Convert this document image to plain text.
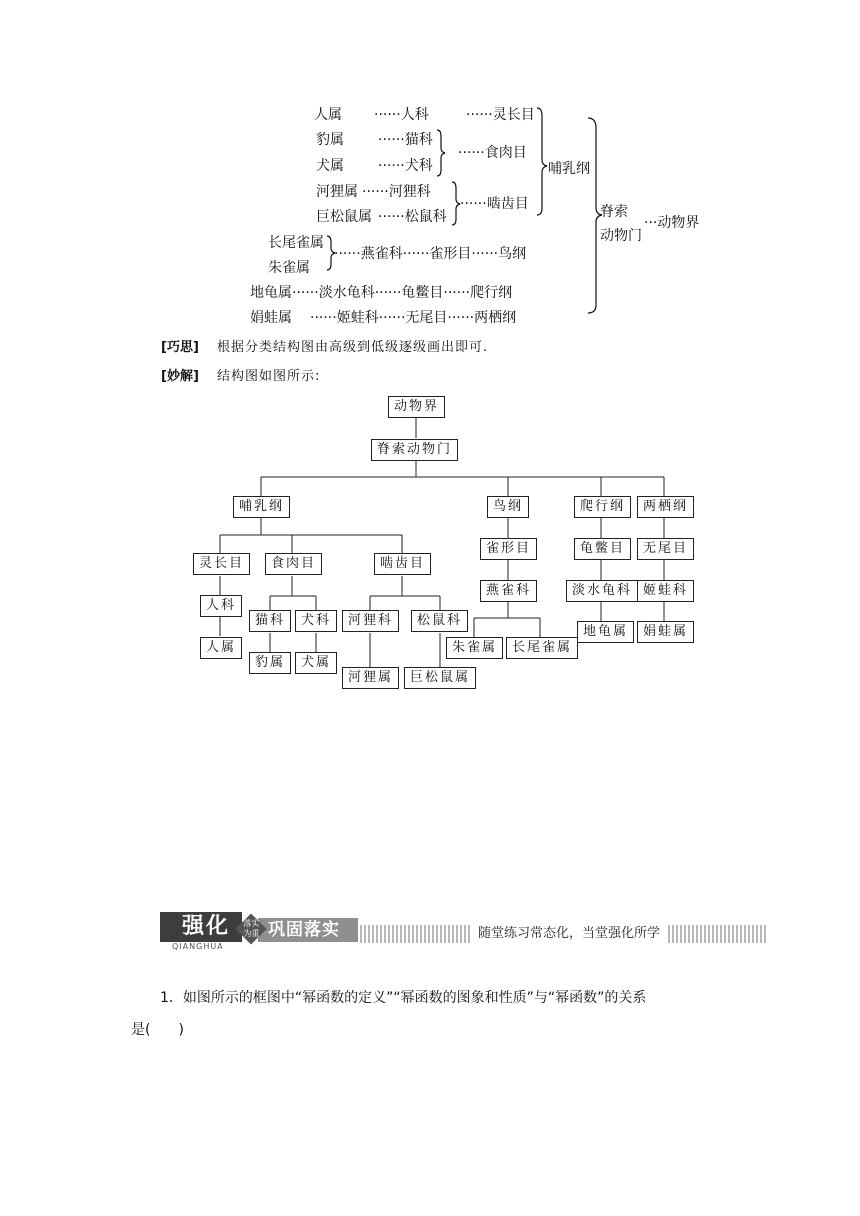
人属 ······人科	······灵长目
豹属 ······猫科
犬属 ······犬科
······食肉目
河狸属 ······河狸科
巨松鼠属 ······松鼠科
······啮齿目
哺乳纲
脊索
动物门
···动物界
长尾雀属
朱雀属
······燕雀科······雀形目······鸟纲
地龟属······淡水龟科······龟鳖目······爬行纲
娟蛙属 ······姬蛙科······无尾目······两栖纲
[巧思] 根据分类结构图由高级到低级逐级画出即可.
[妙解] 结构图如图所示:
动物界
脊索动物门
哺乳纲	鸟纲	爬行纲	两栖纲
灵长目	食肉目	啮齿目
雀形目	龟鳖目	无尾目
人科
猫科	犬科	河狸科	松鼠科
燕雀科	淡水龟科 姬蛙科
人属
豹属	犬属
河狸属	巨松鼠属
朱雀属	长尾雀属
地龟属	娟蛙属
巩固落实
强化	落实 为重
QIANGHUA
随堂练习常态化，当堂强化所学
1．如图所示的框图中“幂函数的定义”“幂函数的图象和性质”与“幂函数”的关系
是(　　)
